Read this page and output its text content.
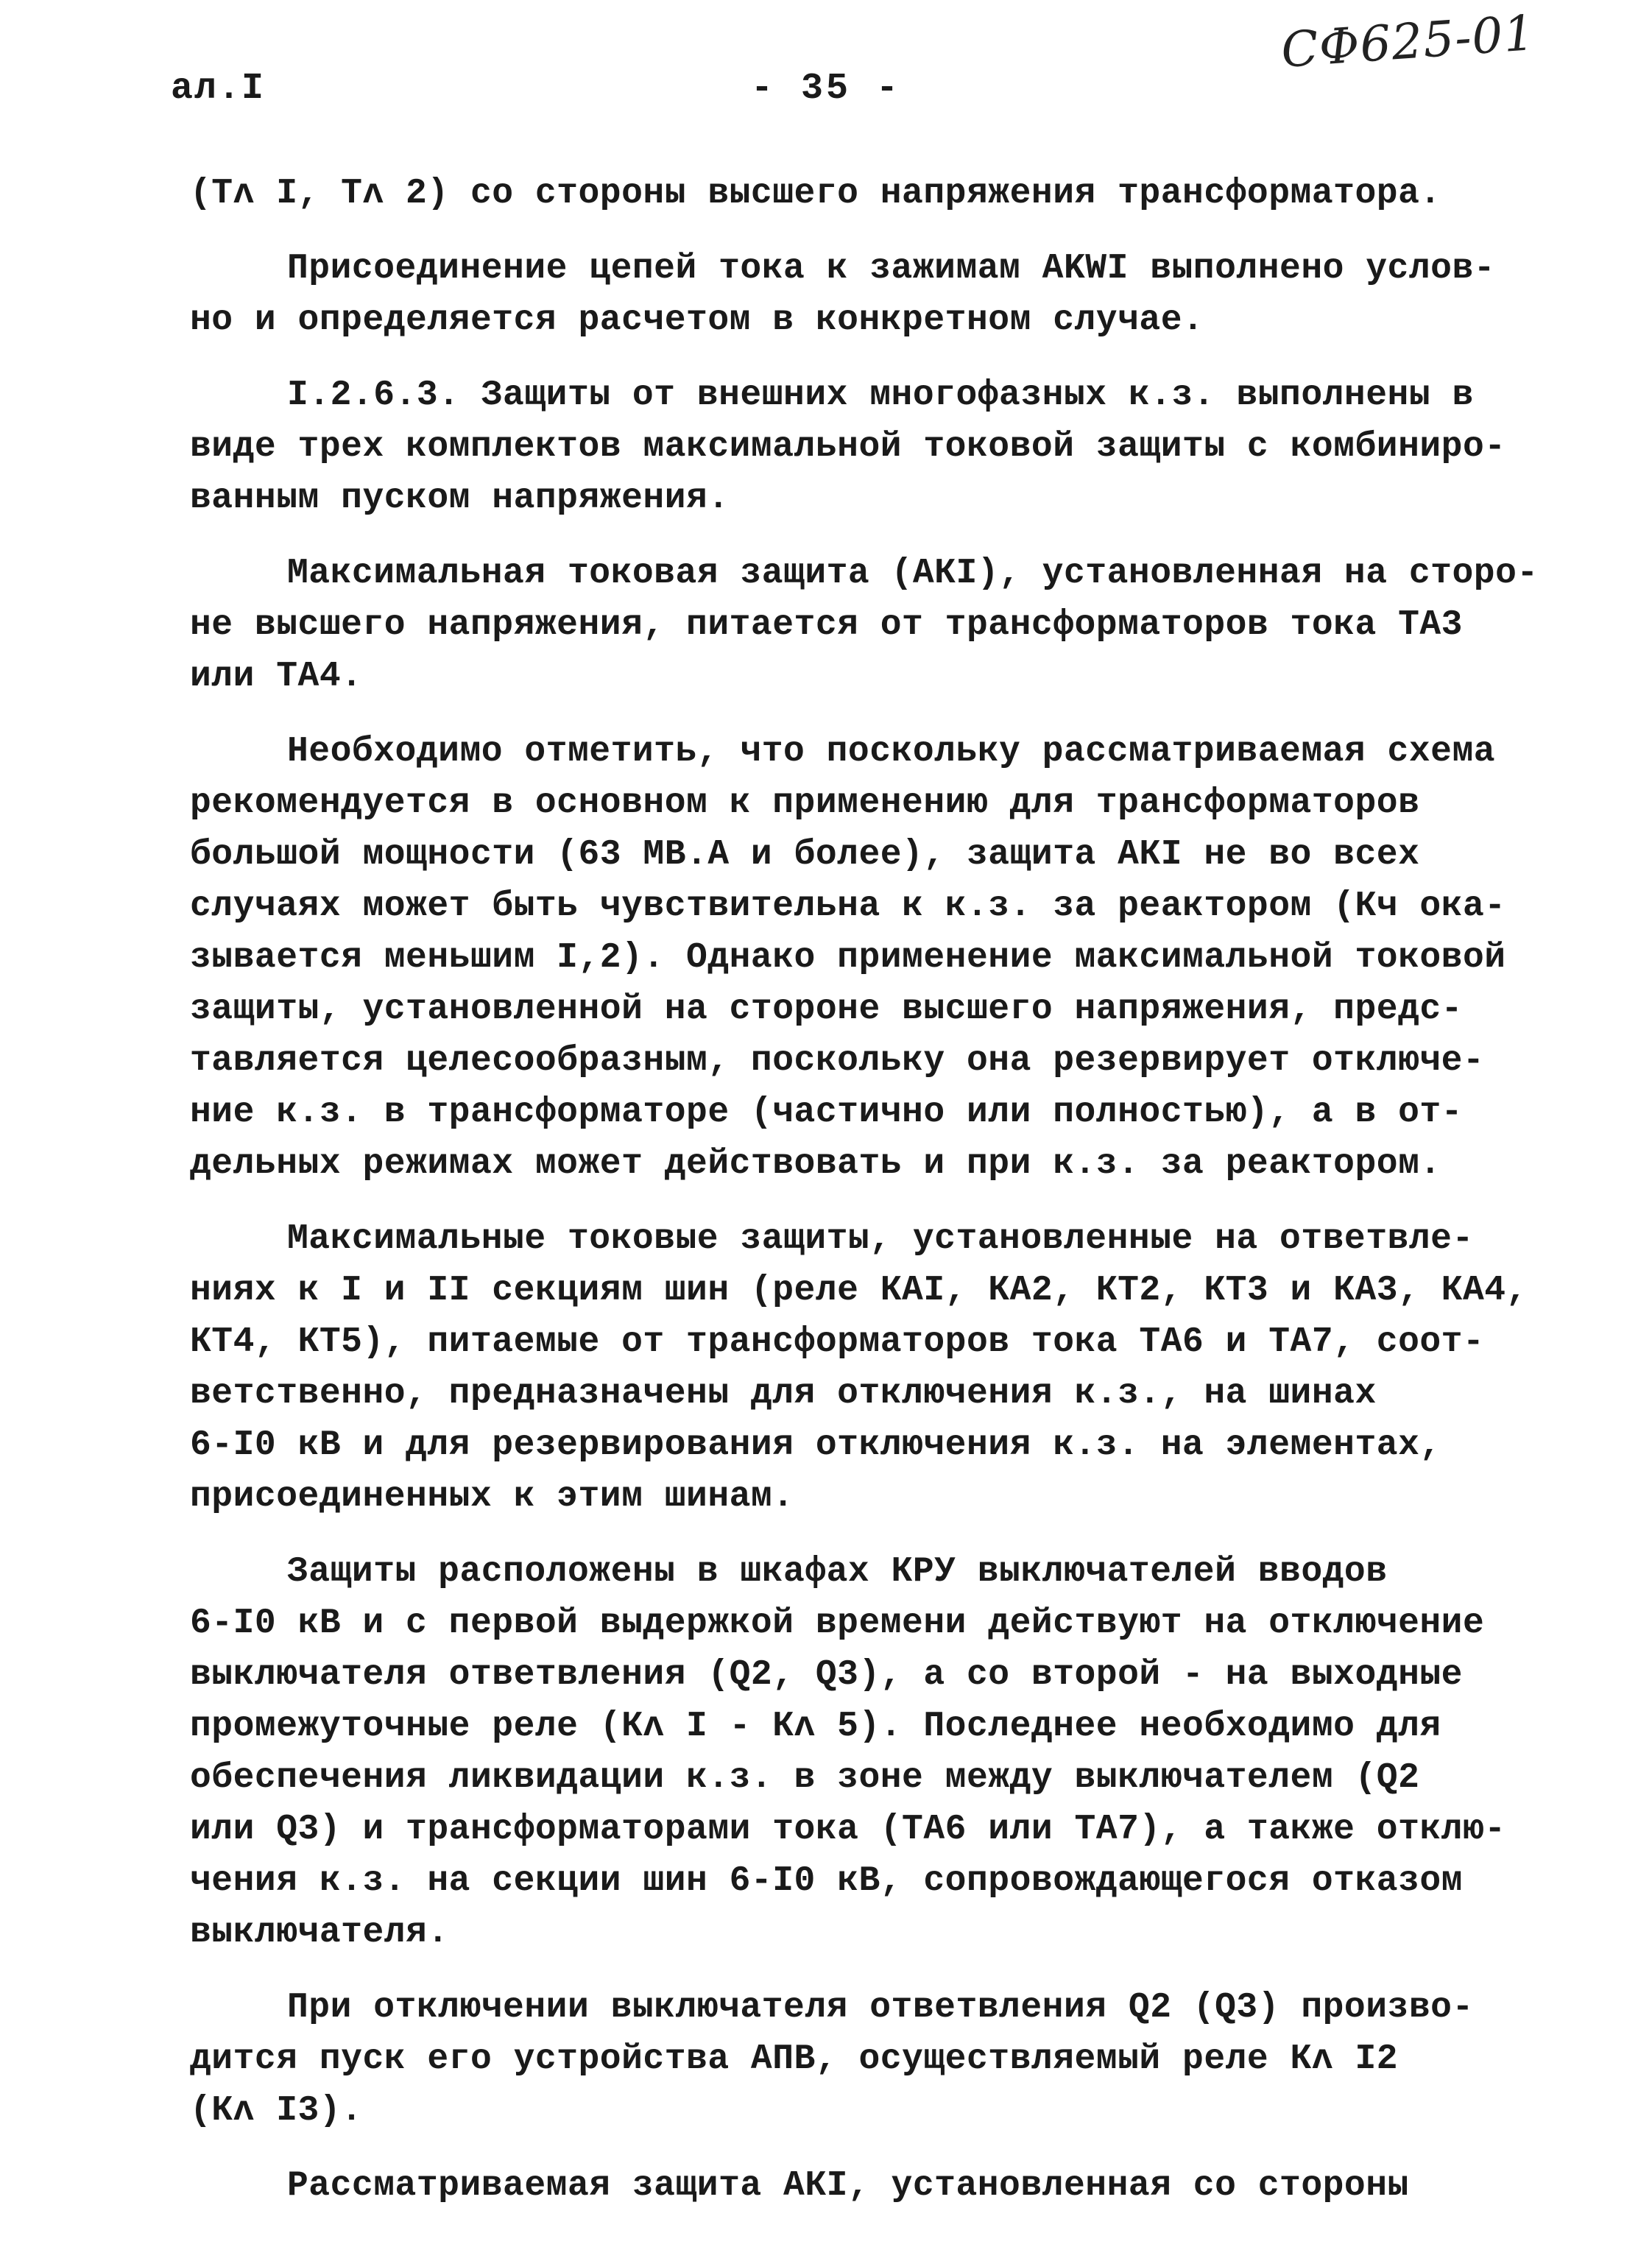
ал.I	- 35 -
СФ625-01
(Тʌ I, Тʌ 2) со стороны высшего напряжения трансформатора.
Присоединение цепей тока к зажимам AKWI выполнено услов-
но и определяется расчетом в конкретном случае.
I.2.6.3. Защиты от внешних многофазных к.з. выполнены в
виде трех комплектов максимальной токовой защиты с комбиниро-
ванным пуском напряжения.
Максимальная токовая защита (АКI), установленная на сторо-
не высшего напряжения, питается от трансформаторов тока ТА3
или ТА4.
Необходимо отметить, что поскольку рассматриваемая схема
рекомендуется в основном к применению для трансформаторов
большой мощности (63 МВ.А и более), защита АКI не во всех
случаях может быть чувствительна к к.з. за реактором (Кч ока-
зывается меньшим I,2). Однако применение максимальной токовой
защиты, установленной на стороне высшего напряжения, предс-
тавляется целесообразным, поскольку она резервирует отключе-
ние к.з. в трансформаторе (частично или полностью), а в от-
дельных режимах может действовать и при к.з. за реактором.
Максимальные токовые защиты, установленные на ответвле-
ниях к I и II секциям шин (реле КАI, КА2, КТ2, КТ3 и КА3, КА4,
КТ4, КТ5), питаемые от трансформаторов тока ТА6 и ТА7, соот-
ветственно, предназначены для отключения к.з., на шинах
6-I0 кВ и для резервирования отключения к.з. на элементах,
присоединенных к этим шинам.
Защиты расположены в шкафах КРУ выключателей вводов
6-I0 кВ и с первой выдержкой времени действуют на отключение
выключателя ответвления (Q2, Q3), а со второй - на выходные
промежуточные реле (Кʌ I - Кʌ 5). Последнее необходимо для
обеспечения ликвидации к.з. в зоне между выключателем (Q2
или Q3) и трансформаторами тока (ТА6 или ТА7), а также отклю-
чения к.з. на секции шин 6-I0 кВ, сопровождающегося отказом
выключателя.
При отключении выключателя ответвления Q2 (Q3) произво-
дится пуск его устройства АПВ, осуществляемый реле Кʌ I2
(Кʌ I3).
Рассматриваемая защита АКI, установленная со стороны
